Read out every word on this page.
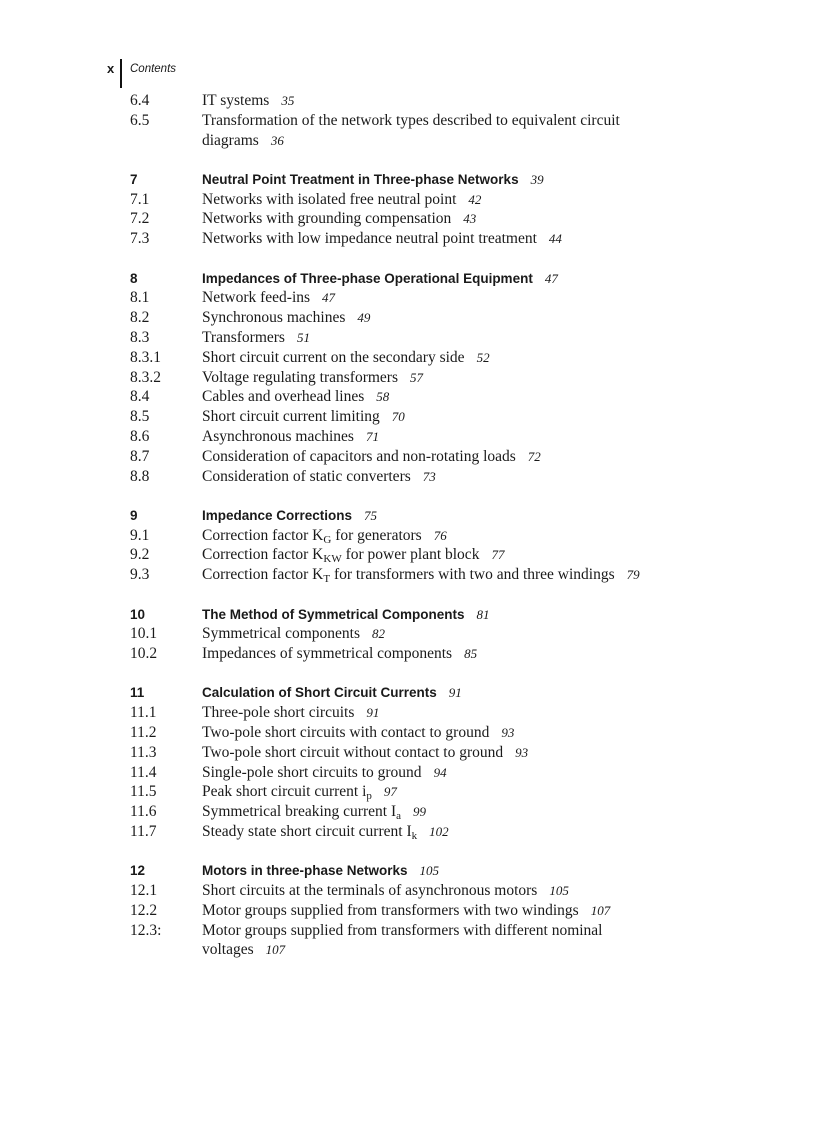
x Contents
6.4	IT systems 35
6.5	Transformation of the network types described to equivalent circuit
diagrams 36
7	Neutral Point Treatment in Three-phase Networks 39
7.1	Networks with isolated free neutral point 42
7.2	Networks with grounding compensation 43
7.3	Networks with low impedance neutral point treatment 44
8	Impedances of Three-phase Operational Equipment 47
8.1	Network feed-ins 47
8.2	Synchronous machines 49
8.3	Transformers 51
8.3.1	Short circuit current on the secondary side 52
8.3.2	Voltage regulating transformers 57
8.4	Cables and overhead lines 58
8.5	Short circuit current limiting 70
8.6	Asynchronous machines 71
8.7	Consideration of capacitors and non-rotating loads 72
8.8	Consideration of static converters 73
9	Impedance Corrections 75
9.1	Correction factor $K_G$ for generators 76
9.2	Correction factor $K_{KW}$ for power plant block 77
9.3	Correction factor $K_T$ for transformers with two and three windings 79
10	The Method of Symmetrical Components 81
10.1	Symmetrical components 82
10.2	Impedances of symmetrical components 85
11	Calculation of Short Circuit Currents 91
11.1	Three-pole short circuits 91
11.2	Two-pole short circuits with contact to ground 93
11.3	Two-pole short circuit without contact to ground 93
11.4	Single-pole short circuits to ground 94
11.5	Peak short circuit current $i_p$ 97
11.6	Symmetrical breaking current $I_a$ 99
11.7	Steady state short circuit current $I_k$ 102
12	Motors in three-phase Networks 105
12.1	Short circuits at the terminals of asynchronous motors 105
12.2	Motor groups supplied from transformers with two windings 107
12.3:	Motor groups supplied from transformers with different nominal
voltages 107
